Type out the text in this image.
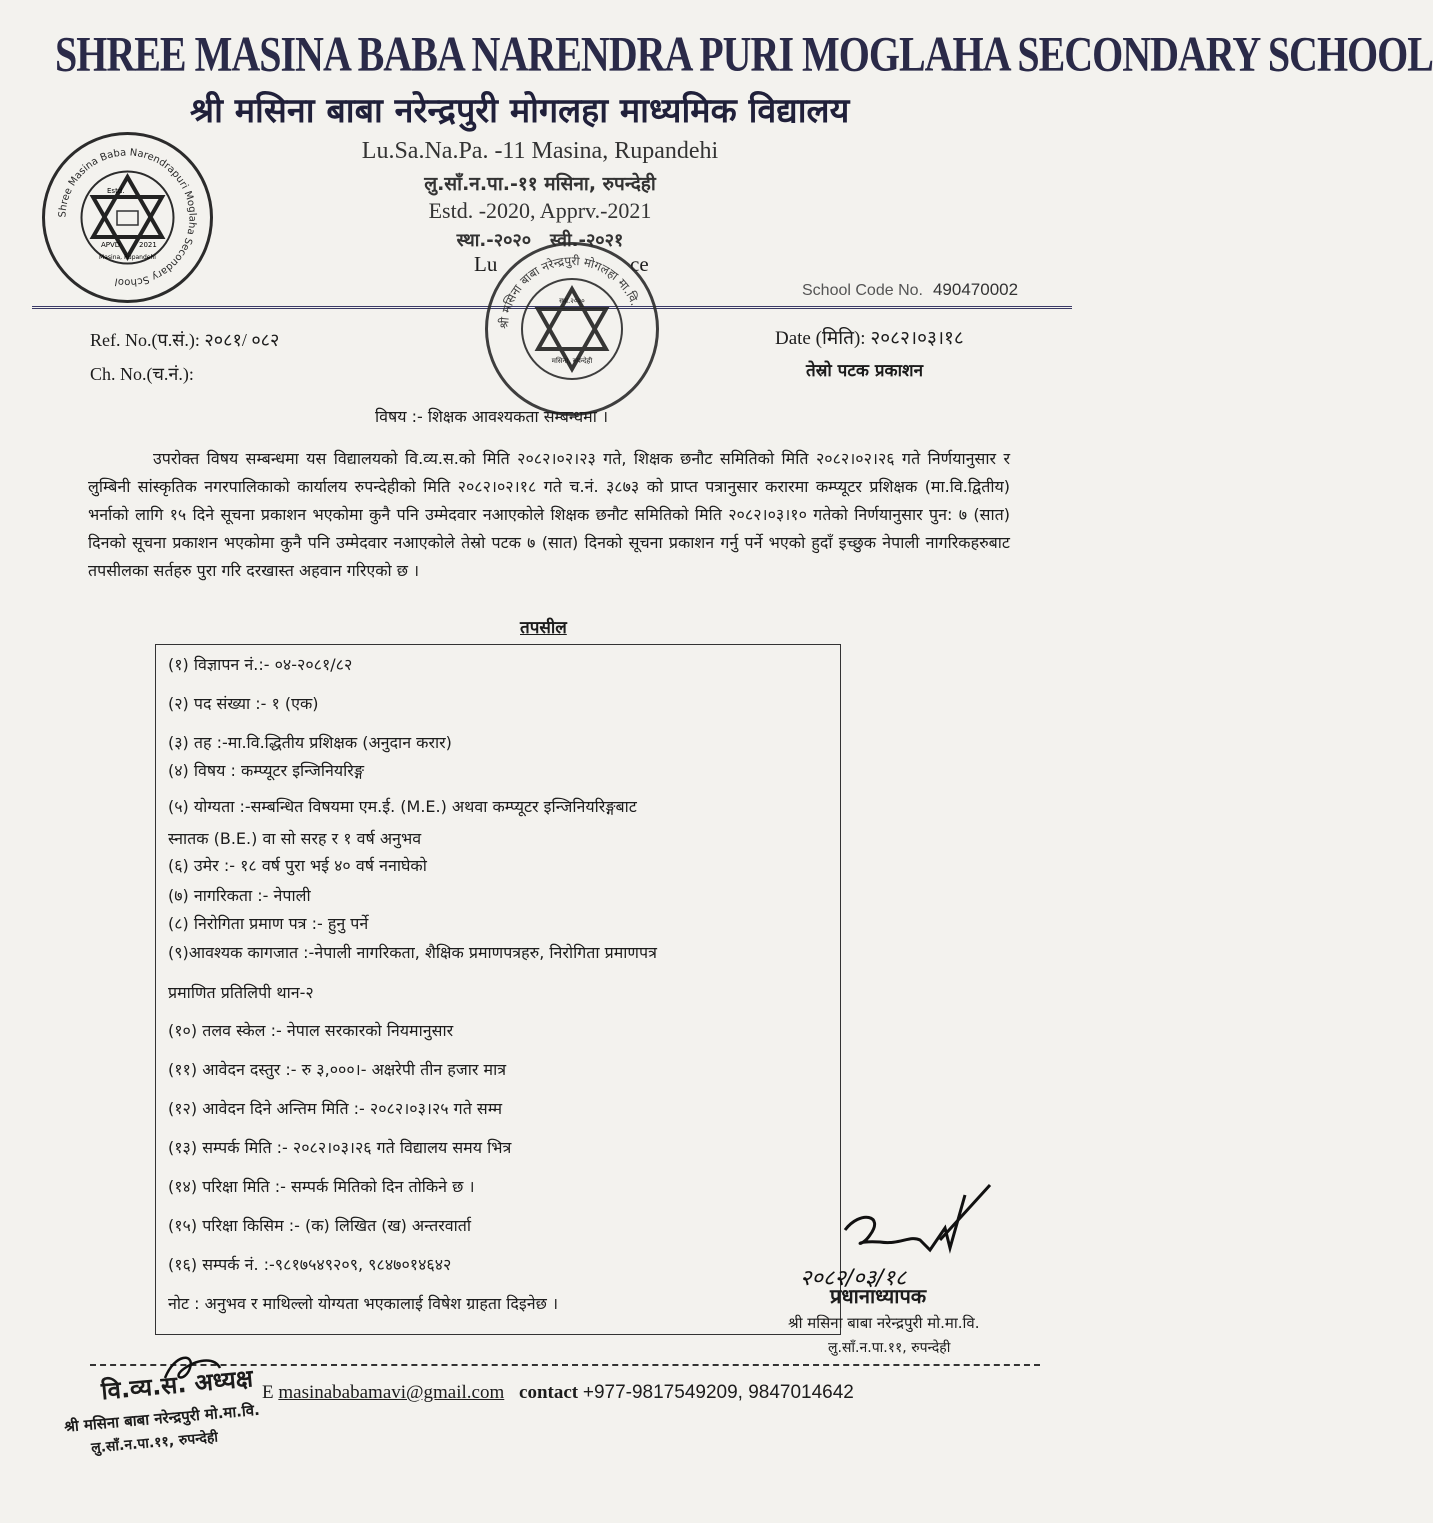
SHREE MASINA BABA NARENDRA PURI MOGLAHA SECONDARY SCHOOL
श्री मसिना बाबा नरेन्द्रपुरी मोगलहा माध्यमिक विद्यालय
Lu.Sa.Na.Pa. -11 Masina, Rupandehi
लु.साँ.न.पा.-११ मसिना, रुपन्देही
Estd. -2020, Apprv.-2021
स्था.-२०२०   स्वी.-२०२१
Lu	ce
Shree Masina Baba Narendrapuri Moglaha Secondary School
Estd.
APVD	2021
Masina, Rupandehi
School Code No. 490470002
Ref. No.(प.सं.): २०८१/ ०८२
Ch. No.(च.नं.):
Date (मिति): २०८२।०३।१८
तेस्रो पटक प्रकाशन
श्री मसिना बाबा नरेन्द्रपुरी मोगलहा मा.वि.
स्था.२०२०
मसिना, रुपन्देही
विषय :- शिक्षक आवश्यकता सम्बन्धमा ।

उपरोक्त विषय सम्बन्धमा यस विद्यालयको वि.व्य.स.को मिति २०८२।०२।२३ गते, शिक्षक छनौट समितिको मिति २०८२।०२।२६ गते निर्णयानुसार र लुम्बिनी सांस्कृतिक नगरपालिकाको कार्यालय रुपन्देहीको मिति २०८२।०२।१८ गते च.नं. ३८७३ को प्राप्त पत्रानुसार करारमा कम्प्यूटर प्रशिक्षक (मा.वि.द्वितीय) भर्नाको लागि १५ दिने सूचना प्रकाशन भएकोमा कुनै पनि उम्मेदवार नआएकोले शिक्षक छनौट समितिको मिति २०८२।०३।१० गतेको निर्णयानुसार पुन: ७ (सात) दिनको सूचना प्रकाशन भएकोमा कुनै पनि उम्मेदवार नआएकोले तेस्रो पटक ७ (सात) दिनको सूचना प्रकाशन गर्नु पर्ने भएको हुदाँ इच्छुक नेपाली नागरिकहरुबाट तपसीलका सर्तहरु पुरा गरि दरखास्त अहवान गरिएको छ ।

तपसील
(१) विज्ञापन नं.:- ०४-२०८१/८२
(२) पद संख्या :- १ (एक)
(३) तह :-मा.वि.द्धितीय प्रशिक्षक (अनुदान करार)
(४) विषय : कम्प्यूटर इन्जिनियरिङ्ग
(५) योग्यता :-सम्बन्धित विषयमा एम.ई. (M.E.) अथवा कम्प्यूटर इन्जिनियरिङ्गबाट
स्नातक (B.E.) वा सो सरह र १ वर्ष अनुभव
(६) उमेर :- १८ वर्ष पुरा भई ४० वर्ष ननाघेको
(७) नागरिकता :- नेपाली
(८) निरोगिता प्रमाण पत्र :- हुनु पर्ने
(९)आवश्यक कागजात :-नेपाली नागरिकता, शैक्षिक प्रमाणपत्रहरु, निरोगिता प्रमाणपत्र
प्रमाणित प्रतिलिपी थान-२
(१०) तलव स्केल :- नेपाल सरकारको नियमानुसार
(११) आवेदन दस्तुर :- रु ३,०००।- अक्षरेपी तीन हजार मात्र
(१२) आवेदन दिने अन्तिम मिति :- २०८२।०३।२५ गते सम्म
(१३) सम्पर्क मिति :- २०८२।०३।२६ गते विद्यालय समय भित्र
(१४) परिक्षा मिति :- सम्पर्क मितिको दिन तोकिने छ ।
(१५) परिक्षा किसिम :- (क) लिखित (ख) अन्तरवार्ता
(१६) सम्पर्क नं. :-९८१७५४९२०९, ९८४७०१४६४२
नोट : अनुभव र माथिल्लो योग्यता भएकालाई विषेश ग्राहता दिइनेछ ।
२०८२/०३/१८
प्रधानाध्यापक
श्री मसिना बाबा नरेन्द्रपुरी मो.मा.वि.
लु.साँ.न.पा.११, रुपन्देही
E masinababamavi@gmail.com contact +977-9817549209, 9847014642
वि.व्य.स. अध्यक्ष
श्री मसिना बाबा नरेन्द्रपुरी मो.मा.वि.
लु.साँ.न.पा.११, रुपन्देही
